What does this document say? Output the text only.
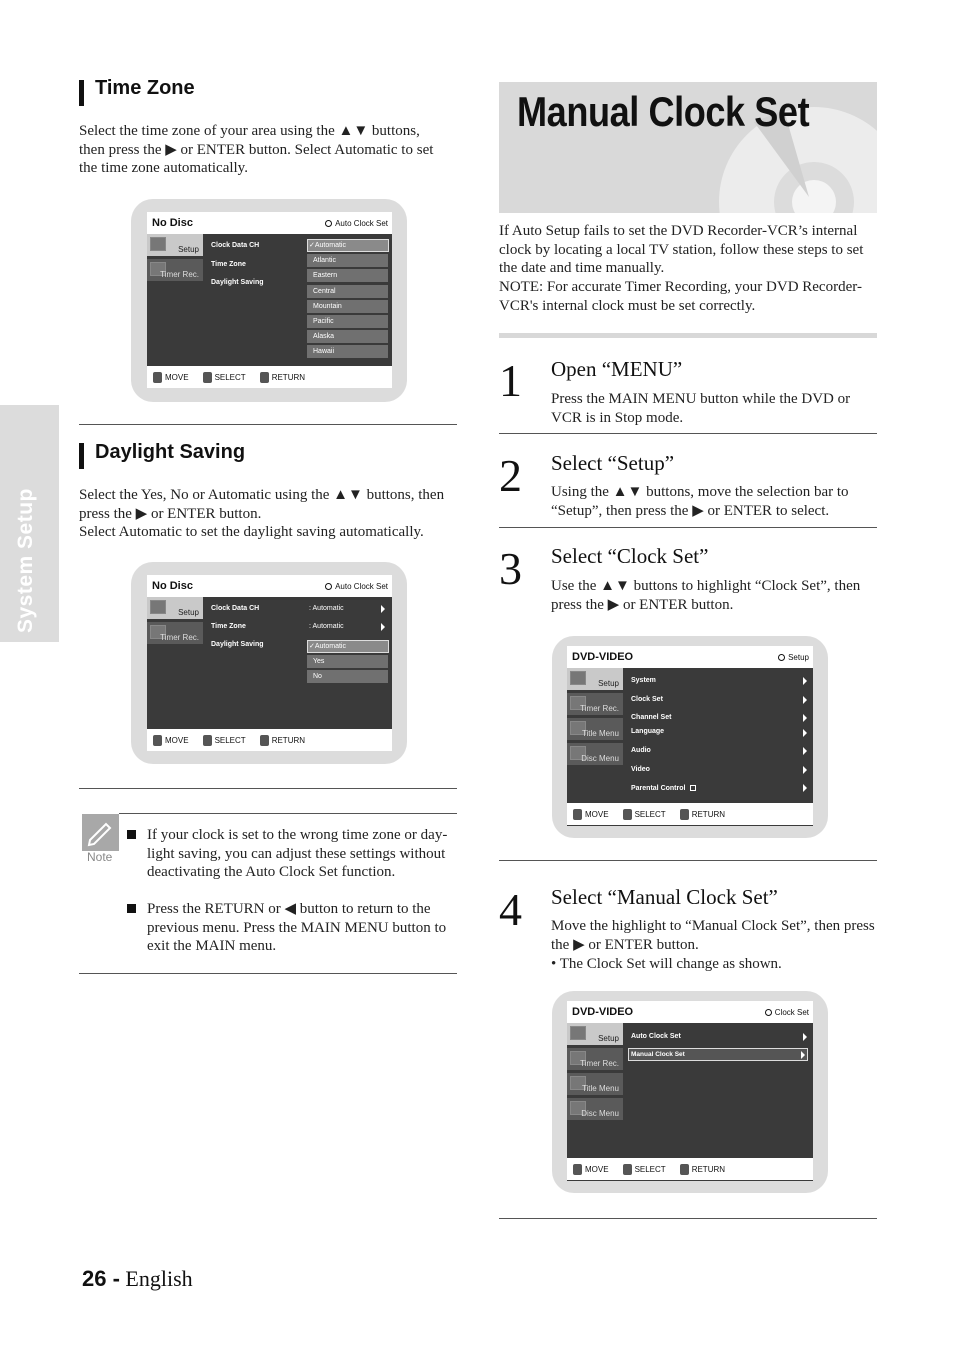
System Setup
Time Zone
Select the time zone of your area using the ▲▼ buttons, then press the ▶ or ENTER button. Select Automatic to set the time zone automatically.
No Disc	Auto Clock Set
Setup
Timer Rec.
Clock Data CH
Time Zone
Daylight Saving
✓Automatic
Atlantic
Eastern
Central
Mountain
Pacific
Alaska
Hawaii
MOVE	SELECT	RETURN
Daylight Saving
Select the Yes, No or Automatic using the ▲▼ buttons, then press the ▶ or ENTER button.
Select Automatic to set the daylight saving automatically.
No Disc	Auto Clock Set
Setup
Timer Rec.
Clock Data CH
Time Zone
Daylight Saving
: Automatic
: Automatic
✓Automatic
Yes
No
MOVE	SELECT	RETURN
Note
If your clock is set to the wrong time zone or day-light saving, you can adjust these settings without deactivating the Auto Clock Set function.
Press the RETURN or ◀ button to return to the previous menu. Press the MAIN MENU button to exit the MAIN menu.
26 - English
Manual Clock Set
If Auto Setup fails to set the DVD Recorder-VCR’s internal clock by locating a local TV station, follow these steps to set the date and time manually.
NOTE: For accurate Timer Recording, your DVD Recorder-VCR's internal clock must be set correctly.
1 Open “MENU”
Press the MAIN MENU button while the DVD or VCR is in Stop mode.
2 Select “Setup”
Using the ▲▼ buttons, move the selection bar to “Setup”, then press the ▶ or ENTER to select.
3 Select “Clock Set”
Use the ▲▼ buttons to highlight “Clock Set”, then press the ▶ or ENTER button.
DVD-VIDEO	Setup
Setup
Timer Rec.
Title Menu
Disc Menu
System
Clock Set
Channel Set
Language
Audio
Video
Parental Control
MOVE	SELECT	RETURN
4 Select “Manual Clock Set”
Move the highlight to “Manual Clock Set”, then press the ▶ or ENTER button.
• The Clock Set will change as shown.
DVD-VIDEO	Clock Set
Setup
Timer Rec.
Title Menu
Disc Menu
Auto Clock Set
Manual Clock Set
MOVE	SELECT	RETURN
